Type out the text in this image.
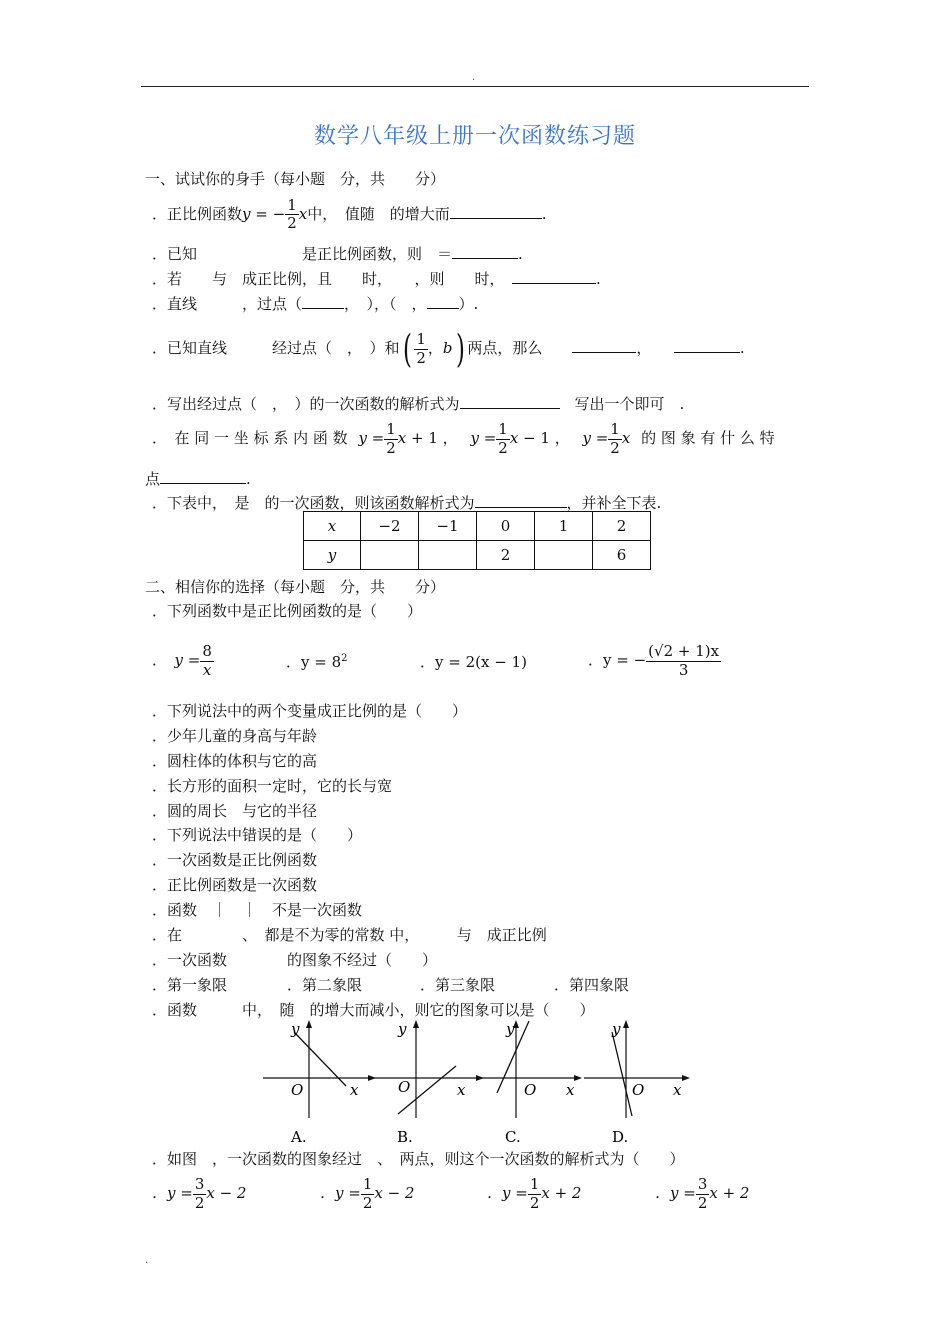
.
数学八年级上册一次函数练习题
一、试试你的身手（每小题　分，共　　分）
．正比例函数y = − $\frac{1}{2}$ x中，　值随　的增大而	.
．已知　　　　　　　是正比例函数，则　＝	.
．若　　与　成正比例，且　　时，　　，则　　时，　	.
．直线　　　，过点（	，　），（　， ）.
．已知直线　　　经过点（　，　）和( $\frac{1}{2}$ ，b) 两点，那么　　	，　　	.
．写出经过点（　，　）的一次函数的解析式为　	写出一个即可　.
．　在 同 一 坐 标 系 内 函 数 $y = \frac{1}{2}$ x + 1 ， $y = \frac{1}{2}$ x − 1 ， $y = \frac{1}{2}$ x 的 图 象 有 什 么 特
点	.
．下表中，　是　的一次函数，则该函数解析式为	，并补全下表.
x	−2	−1	0	1	2
y			2		6
二、相信你的选择（每小题　分，共　　分）
．下列函数中是正比例函数的是（　　）
．　 $y = \frac{8}{x}$	．$y = 8^2$	．y = 2(x − 1)	．y = − $\frac{(√2 + 1)x}{3}$
．下列说法中的两个变量成正比例的是（　　）
．少年儿童的身高与年龄
．圆柱体的体积与它的高
．长方形的面积一定时，它的长与宽
．圆的周长　与它的半径
．下列说法中错误的是（　　）
．一次函数是正比例函数
．正比例函数是一次函数
．函数　｜　｜　不是一次函数
．在　　　　、　都是不为零的常数 中，　　　与　成正比例
．一次函数　　　　的图象不经过（　　）
．第一象限	．第二象限	．第三象限	．第四象限
．函数　　　中，　随　的增大而减小，则它的图象可以是（　　）
y
x
O
A.
y
x
O
B.
y
x
O
C.
y
x
O
D.
．如图　，一次函数的图象经过　、　两点，则这个一次函数的解析式为（　　）
．$y = \frac{3}{2}$ x − 2	．$y = \frac{1}{2}$ x − 2	．$y = \frac{1}{2}$ x + 2	．$y = \frac{3}{2}$ x + 2
.
